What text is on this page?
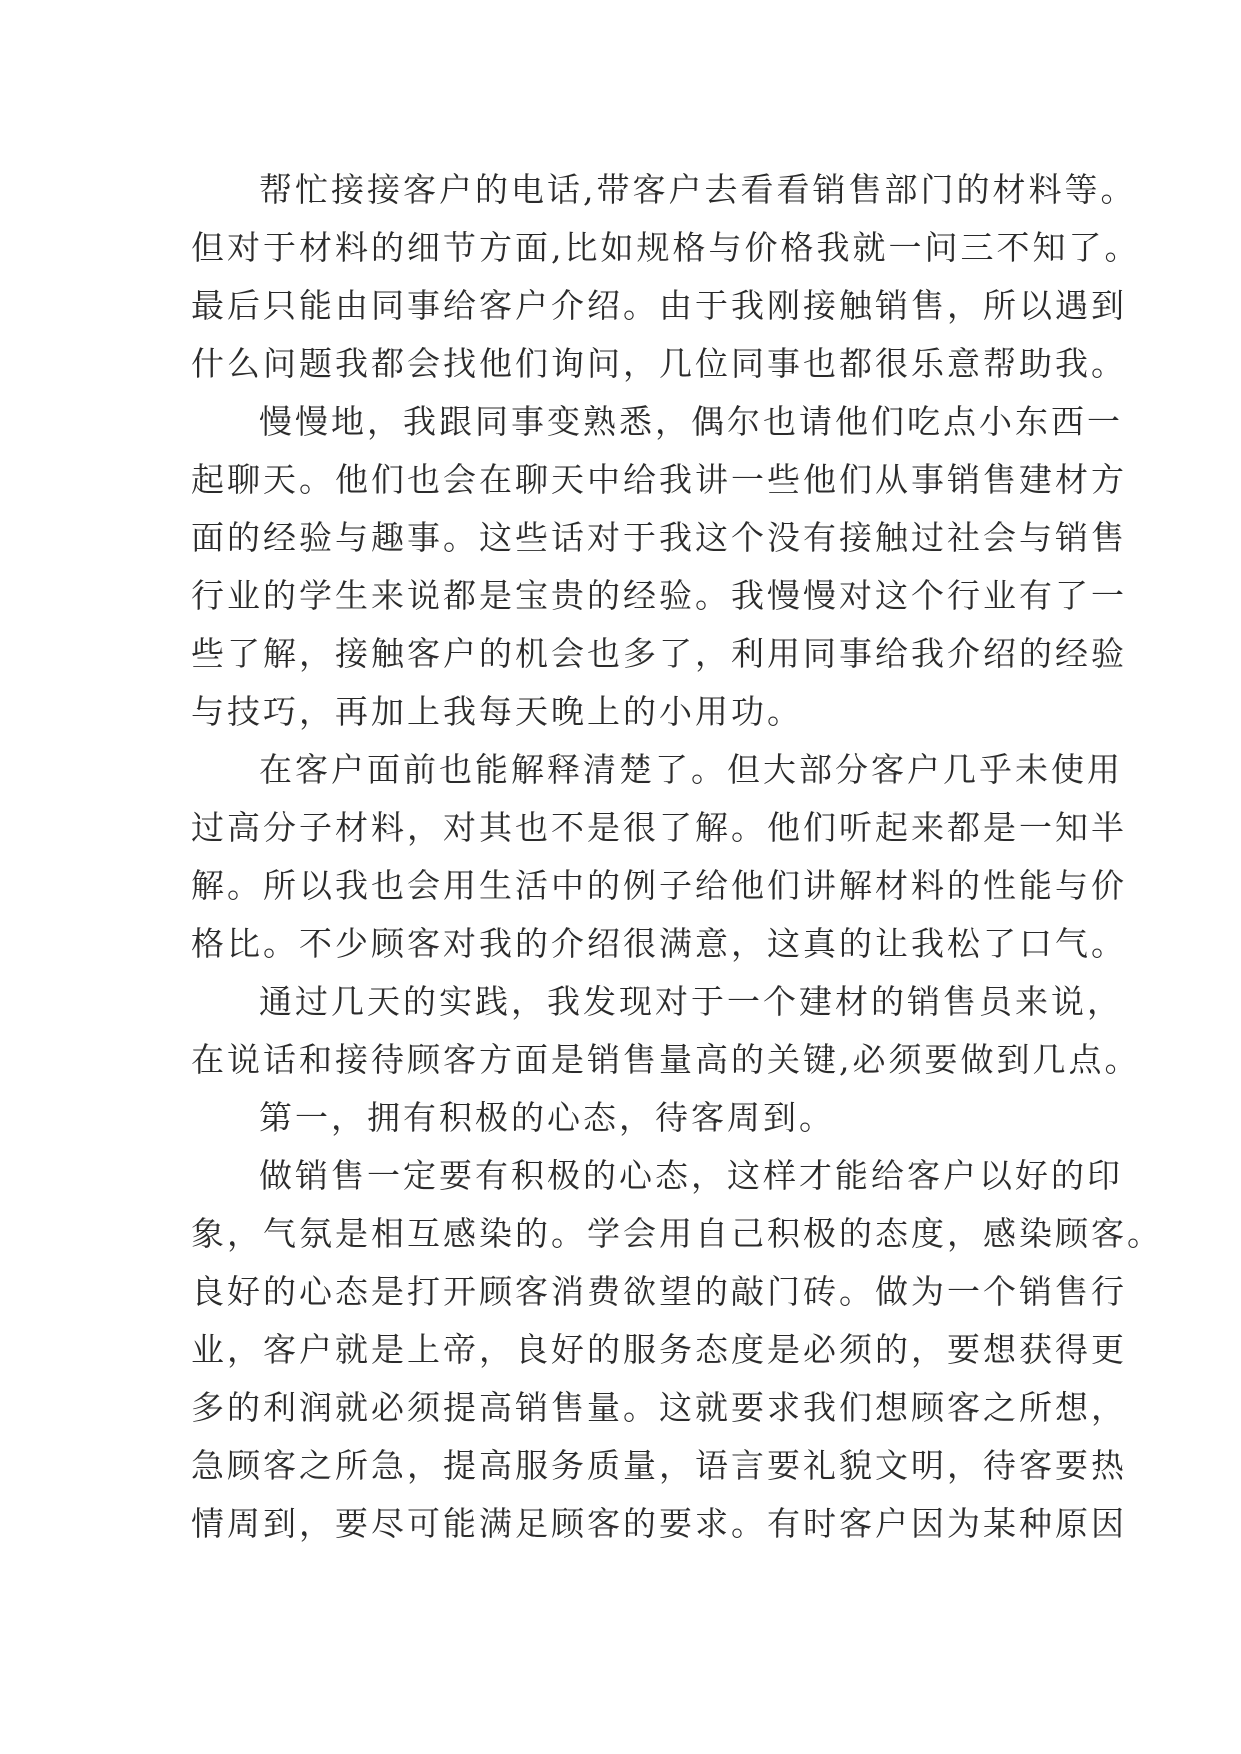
帮忙接接客户的电话,带客户去看看销售部门的材料等。
但对于材料的细节方面,比如规格与价格我就一问三不知了。
最后只能由同事给客户介绍。由于我刚接触销售，所以遇到
什么问题我都会找他们询问，几位同事也都很乐意帮助我。
慢慢地，我跟同事变熟悉，偶尔也请他们吃点小东西一
起聊天。他们也会在聊天中给我讲一些他们从事销售建材方
面的经验与趣事。这些话对于我这个没有接触过社会与销售
行业的学生来说都是宝贵的经验。我慢慢对这个行业有了一
些了解，接触客户的机会也多了，利用同事给我介绍的经验
与技巧，再加上我每天晚上的小用功。
在客户面前也能解释清楚了。但大部分客户几乎未使用
过高分子材料，对其也不是很了解。他们听起来都是一知半
解。所以我也会用生活中的例子给他们讲解材料的性能与价
格比。不少顾客对我的介绍很满意，这真的让我松了口气。
通过几天的实践，我发现对于一个建材的销售员来说，
在说话和接待顾客方面是销售量高的关键,必须要做到几点。
第一，拥有积极的心态，待客周到。
做销售一定要有积极的心态，这样才能给客户以好的印
象，气氛是相互感染的。学会用自己积极的态度，感染顾客。
良好的心态是打开顾客消费欲望的敲门砖。做为一个销售行
业，客户就是上帝，良好的服务态度是必须的，要想获得更
多的利润就必须提高销售量。这就要求我们想顾客之所想，
急顾客之所急，提高服务质量，语言要礼貌文明，待客要热
情周到，要尽可能满足顾客的要求。有时客户因为某种原因
